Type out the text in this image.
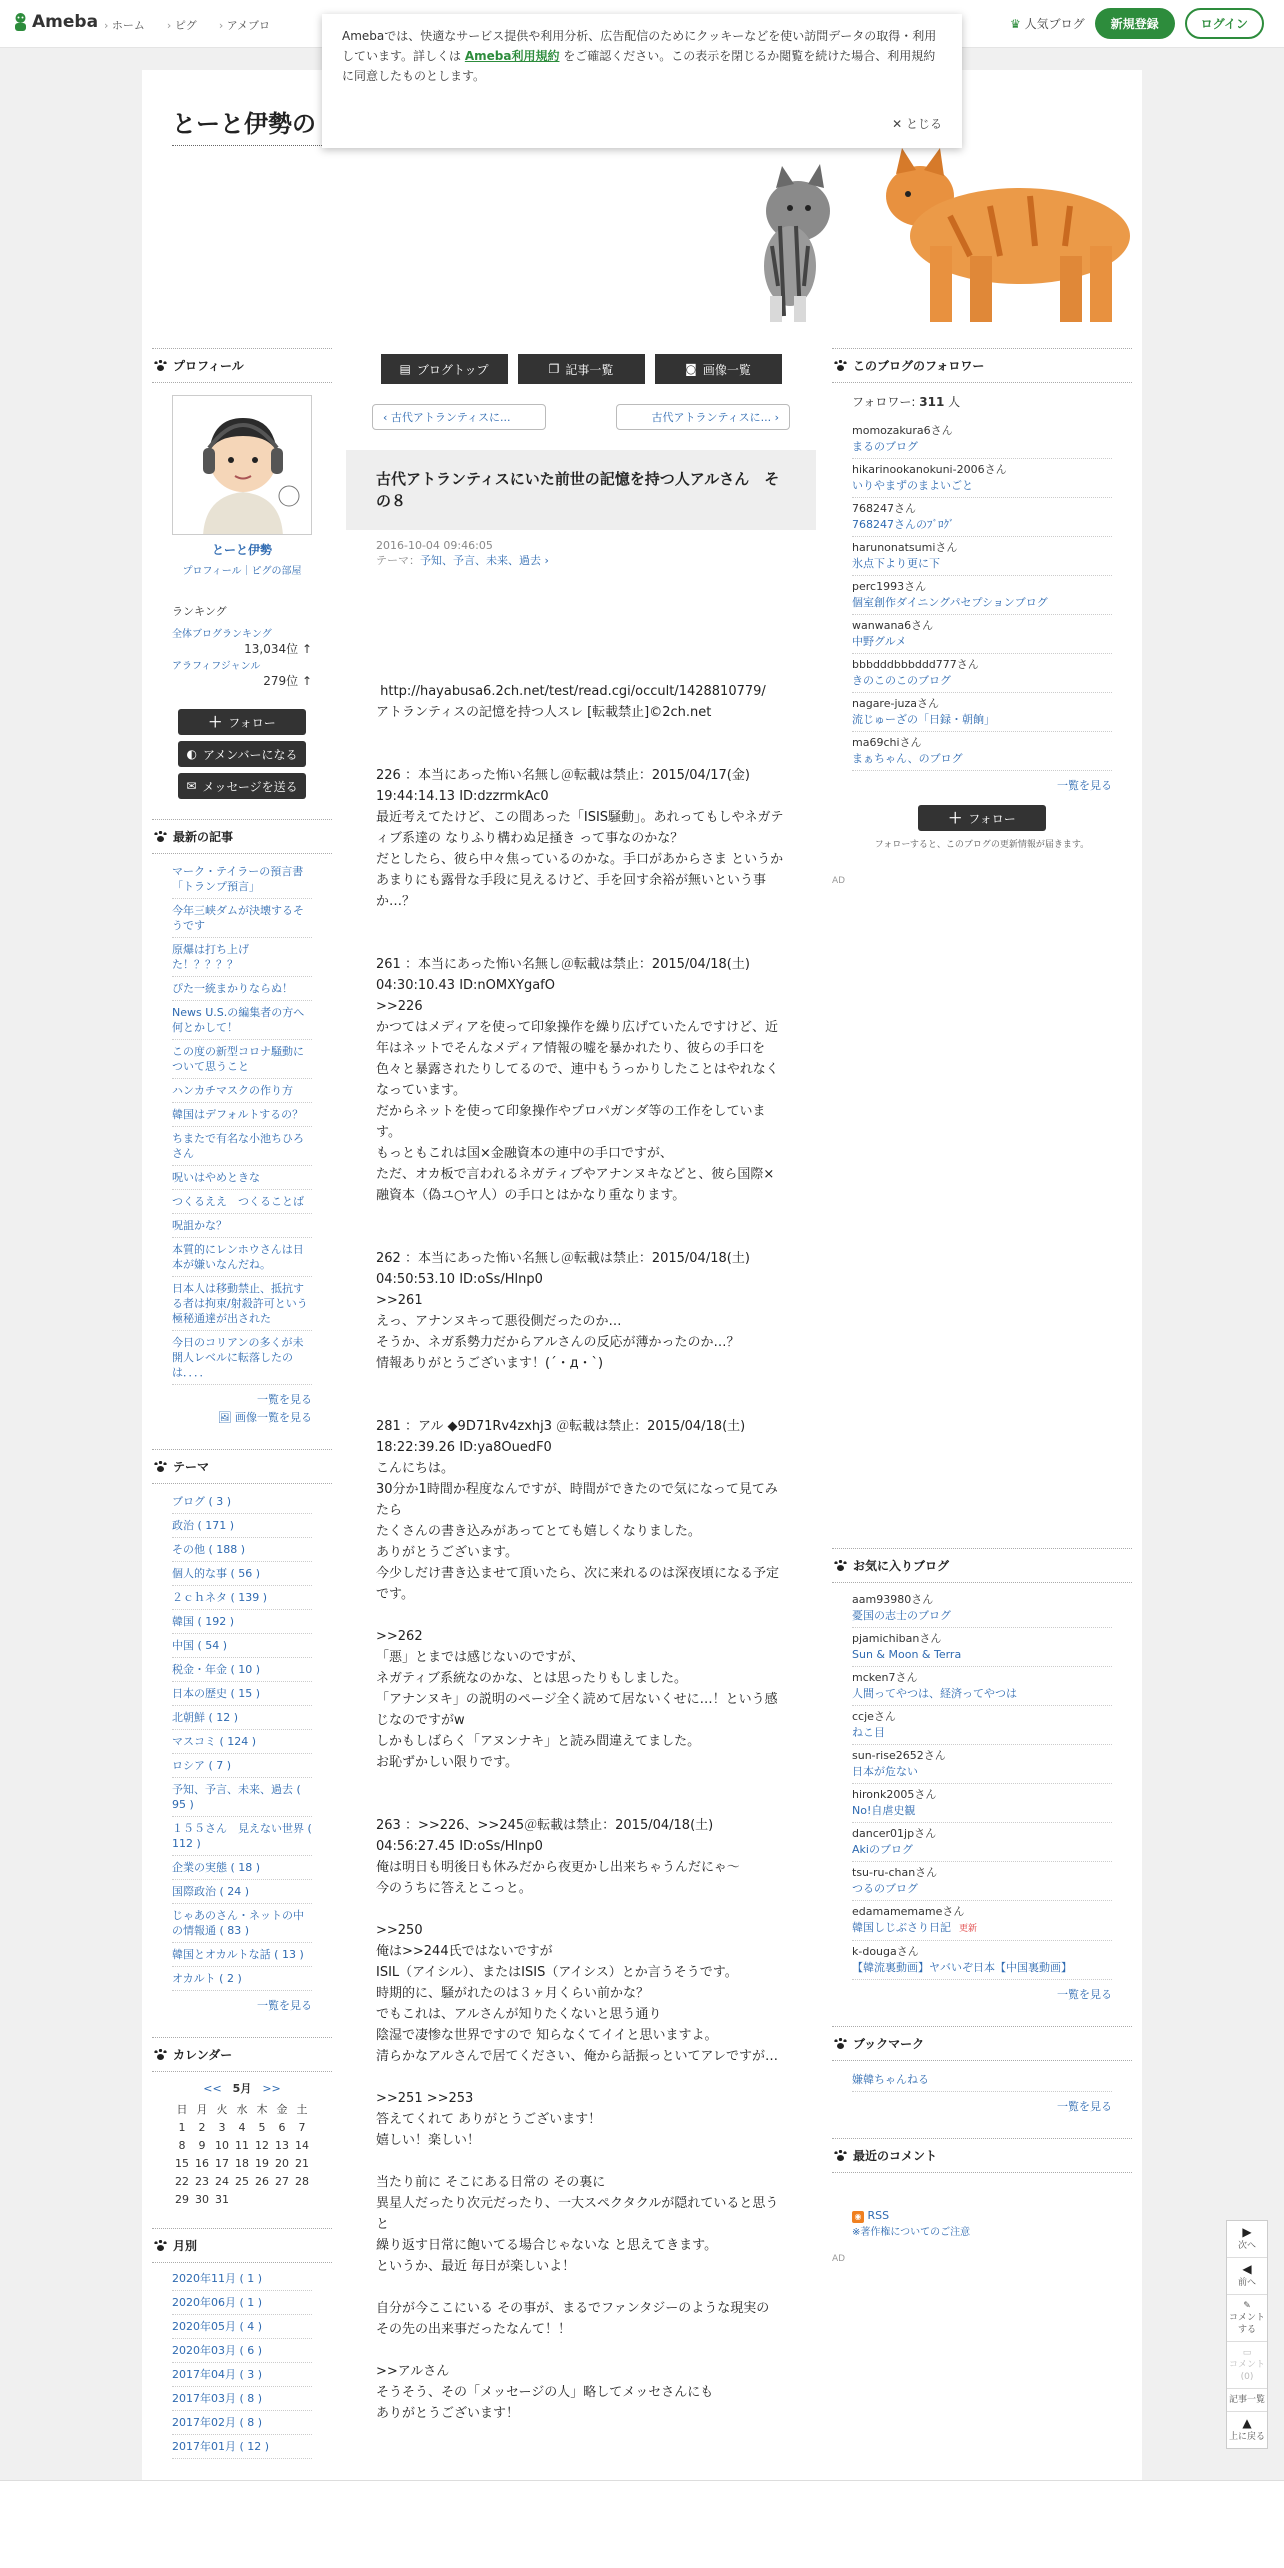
Ameba	› ホーム	› ピグ	› アメブロ	♛ 人気ブログ	新規登録	ログイン
Amebaでは、快適なサービス提供や利用分析、広告配信のためにクッキーなどを使い訪問データの取得・利用しています。詳しくは Ameba利用規約 をご確認ください。この表示を閉じるか閲覧を続けた場合、利用規約に同意したものとします。
✕ とじる
とーと伊勢の
プロフィール
とーと伊勢
プロフィール｜ピグの部屋
ランキング
全体ブログランキング
13,034位 ↑
アラフィフジャンル
279位 ↑
＋ フォロー
◐ アメンバーになる
✉ メッセージを送る
最新の記事
マーク・テイラーの預言書　「トランプ預言」
今年三峡ダムが決壊するそうです
原爆は打ち上げた！？？？？
ぴた一統まかりならぬ！
News U.S.の編集者の方へ　何とかして！
この度の新型コロナ騒動について思うこと
ハンカチマスクの作り方
韓国はデフォルトするの？
ちまたで有名な小池ちひろさん
呪いはやめときな
つくるええ　つくることば
呪詛かな？
本質的にレンホウさんは日本が嫌いなんだね。
日本人は移動禁止、抵抗する者は拘束/射殺許可という極秘通達が出された
今日のコリアンの多くが未開人レベルに転落したのは．．．．
一覧を見る
🖼 画像一覧を見る
テーマ
ブログ ( 3 )
政治 ( 171 )
その他 ( 188 )
個人的な事 ( 56 )
２ｃｈネタ ( 139 )
韓国 ( 192 )
中国 ( 54 )
税金・年金 ( 10 )
日本の歴史 ( 15 )
北朝鮮 ( 12 )
マスコミ ( 124 )
ロシア ( 7 )
予知、予言、未来、過去 ( 95 )
１５５さん　見えない世界 ( 112 )
企業の実態 ( 18 )
国際政治 ( 24 )
じゃあのさん・ネットの中の情報通 ( 83 )
韓国とオカルトな話 ( 13 )
オカルト ( 2 )
一覧を見る
カレンダー
<<　 5月　 >>
日	月	火	水	木	金	土
1	2	3	4	5	6	7
8	9	10	11	12	13	14
15	16	17	18	19	20	21
22	23	24	25	26	27	28
29	30	31				
月別
2020年11月 ( 1 )
2020年06月 ( 1 )
2020年05月 ( 4 )
2020年03月 ( 6 )
2017年04月 ( 3 )
2017年03月 ( 8 )
2017年02月 ( 8 )
2017年01月 ( 12 )
▤ ブログトップ	❐ 記事一覧	◙ 画像一覧
‹ 古代アトランティスに...	古代アトランティスに... ›
古代アトランティスにいた前世の記憶を持つ人アルさん　その８
2016-10-04 09:46:05
テーマ：予知、予言、未来、過去 ›

http://hayabusa6.2ch.net/test/read.cgi/occult/1428810779/
アトランティスの記憶を持つ人スレ [転載禁止]©2ch.net

226 ：本当にあった怖い名無し＠転載は禁止：2015/04/17(金) 19:44:14.13 ID:dzzrmkAc0
最近考えてたけど、この間あった「ISIS騒動」。あれってもしやネガティブ系達の なりふり構わぬ足掻き って事なのかな？
だとしたら、彼ら中々焦っているのかな。手口があからさま というか
あまりにも露骨な手段に見えるけど、手を回す余裕が無いという事か…？

261 ：本当にあった怖い名無し＠転載は禁止：2015/04/18(土) 04:30:10.43 ID:nOMXYgafO
>>226
かつてはメディアを使って印象操作を繰り広げていたんですけど、近年はネットでそんなメディア情報の嘘を暴かれたり、彼らの手口を色々と暴露されたりしてるので、連中もうっかりしたことはやれなくなっています。
だからネットを使って印象操作やプロパガンダ等の工作をしています。
もっともこれは国×金融資本の連中の手口ですが、
ただ、オカ板で言われるネガティブやアナンヌキなどと、彼ら国際×融資本（偽ユ○ヤ人）の手口とはかなり重なります。

262 ：本当にあった怖い名無し＠転載は禁止：2015/04/18(土) 04:50:53.10 ID:oSs/Hlnp0
>>261
えっ、アナンヌキって悪役側だったのか…
そうか、ネガ系勢力だからアルさんの反応が薄かったのか…？
情報ありがとうございます！(´・д・`)

281 ：アル ◆9D71Rv4zxhj3 ＠転載は禁止：2015/04/18(土) 18:22:39.26 ID:ya8OuedF0
こんにちは。
30分か1時間か程度なんですが、時間ができたので気になって見てみたら
たくさんの書き込みがあってとても嬉しくなりました。
ありがとうございます。
今少しだけ書き込ませて頂いたら、次に来れるのは深夜頃になる予定です。

>>262
「悪」とまでは感じないのですが、
ネガティブ系統なのかな、とは思ったりもしました。
「アナンヌキ」の説明のページ全く読めて居ないくせに…！という感じなのですがw
しかもしばらく「アヌンナキ」と読み間違えてました。
お恥ずかしい限りです。

263 ：>>226、>>245＠転載は禁止：2015/04/18(土) 04:56:27.45 ID:oSs/Hlnp0
俺は明日も明後日も休みだから夜更かし出来ちゃうんだにゃ～
今のうちに答えとこっと。

>>250
俺は>>244氏ではないですが
ISIL（アイシル）、またはISIS（アイシス）とか言うそうです。
時期的に、騒がれたのは３ヶ月くらい前かな？
でもこれは、アルさんが知りたくないと思う通り
陰湿で凄惨な世界ですので 知らなくてイイと思いますよ。
清らかなアルさんで居てください、俺から話振っといてアレですが…

>>251 >>253
答えてくれて ありがとうございます！
嬉しい！楽しい！

当たり前に そこにある日常の その裏に
異星人だったり次元だったり、一大スペクタクルが隠れていると思うと
繰り返す日常に飽いてる場合じゃないな と思えてきます。
というか、最近 毎日が楽しいよ！

自分が今ここにいる その事が、まるでファンタジーのような現実の
その先の出来事だったなんて！！

>>アルさん
そうそう、その「メッセージの人」略してメッセさんにも
ありがとうございます！
このブログのフォロワー
フォロワー: 311 人
momozakura6さん
まるのブログ
hikarinookanokuni-2006さん
いりやまずのまよいごと
768247さん
768247さんのﾌﾞﾛｸﾞ
harunonatsumiさん
氷点下より更に下
perc1993さん
個室創作ダイニングパセプションブログ
wanwana6さん
中野グルメ
bbbdddbbbddd777さん
きのこのこのブログ
nagare-juzaさん
流じゅーざの「日録・朝餉」
ma69chiさん
まぁちゃん、のブログ
一覧を見る
＋ フォロー
フォローすると、このブログの更新情報が届きます。
AD
お気に入りブログ
aam93980さん
憂国の志士のブログ
pjamichibanさん
Sun & Moon & Terra
mcken7さん
人間ってやつは、経済ってやつは
ccjeさん
ねこ目
sun-rise2652さん
日本が危ない
hironk2005さん
No!自虐史観
dancer01jpさん
Akiのブログ
tsu-ru-chanさん
つるのブログ
edamamemameさん
韓国しじぶさり日記 更新
k-dougaさん
【韓流裏動画】ヤバいぞ日本【中国裏動画】
一覧を見る
ブックマーク
嫌韓ちゃんねる
一覧を見る
最近のコメント
◉ RSS
※著作権についてのご注意
AD
▶
次へ
◀
前へ
✎
コメントする
▭
コメント(0)
記事一覧
▲
上に戻る
